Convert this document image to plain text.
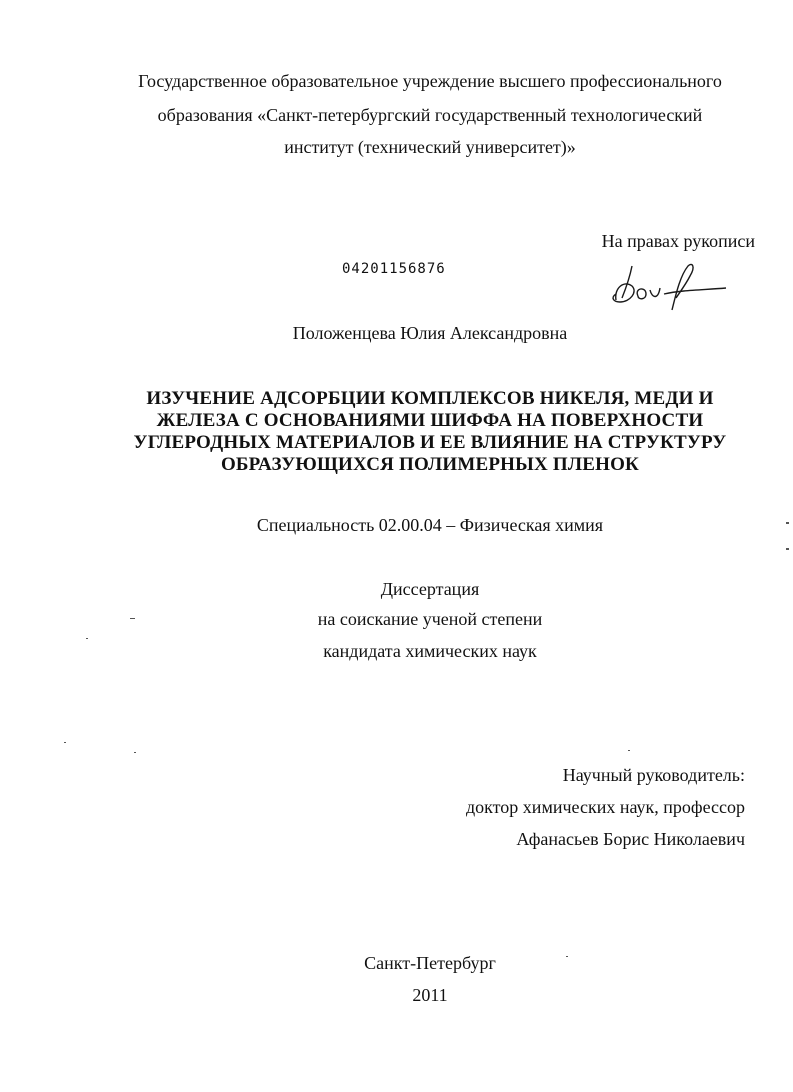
Государственное образовательное учреждение высшего профессионального
образования «Санкт-петербургский государственный технологический
институт (технический университет)»
На правах рукописи
04201156876
Положенцева Юлия Александровна
ИЗУЧЕНИЕ АДСОРБЦИИ КОМПЛЕКСОВ НИКЕЛЯ, МЕДИ И
ЖЕЛЕЗА С ОСНОВАНИЯМИ ШИФФА НА ПОВЕРХНОСТИ
УГЛЕРОДНЫХ МАТЕРИАЛОВ И ЕЕ ВЛИЯНИЕ НА СТРУКТУРУ
ОБРАЗУЮЩИХСЯ ПОЛИМЕРНЫХ ПЛЕНОК
Специальность 02.00.04 – Физическая химия
Диссертация
на соискание ученой степени
кандидата химических наук
Научный руководитель:
доктор химических наук, профессор
Афанасьев Борис Николаевич
Санкт-Петербург
2011
